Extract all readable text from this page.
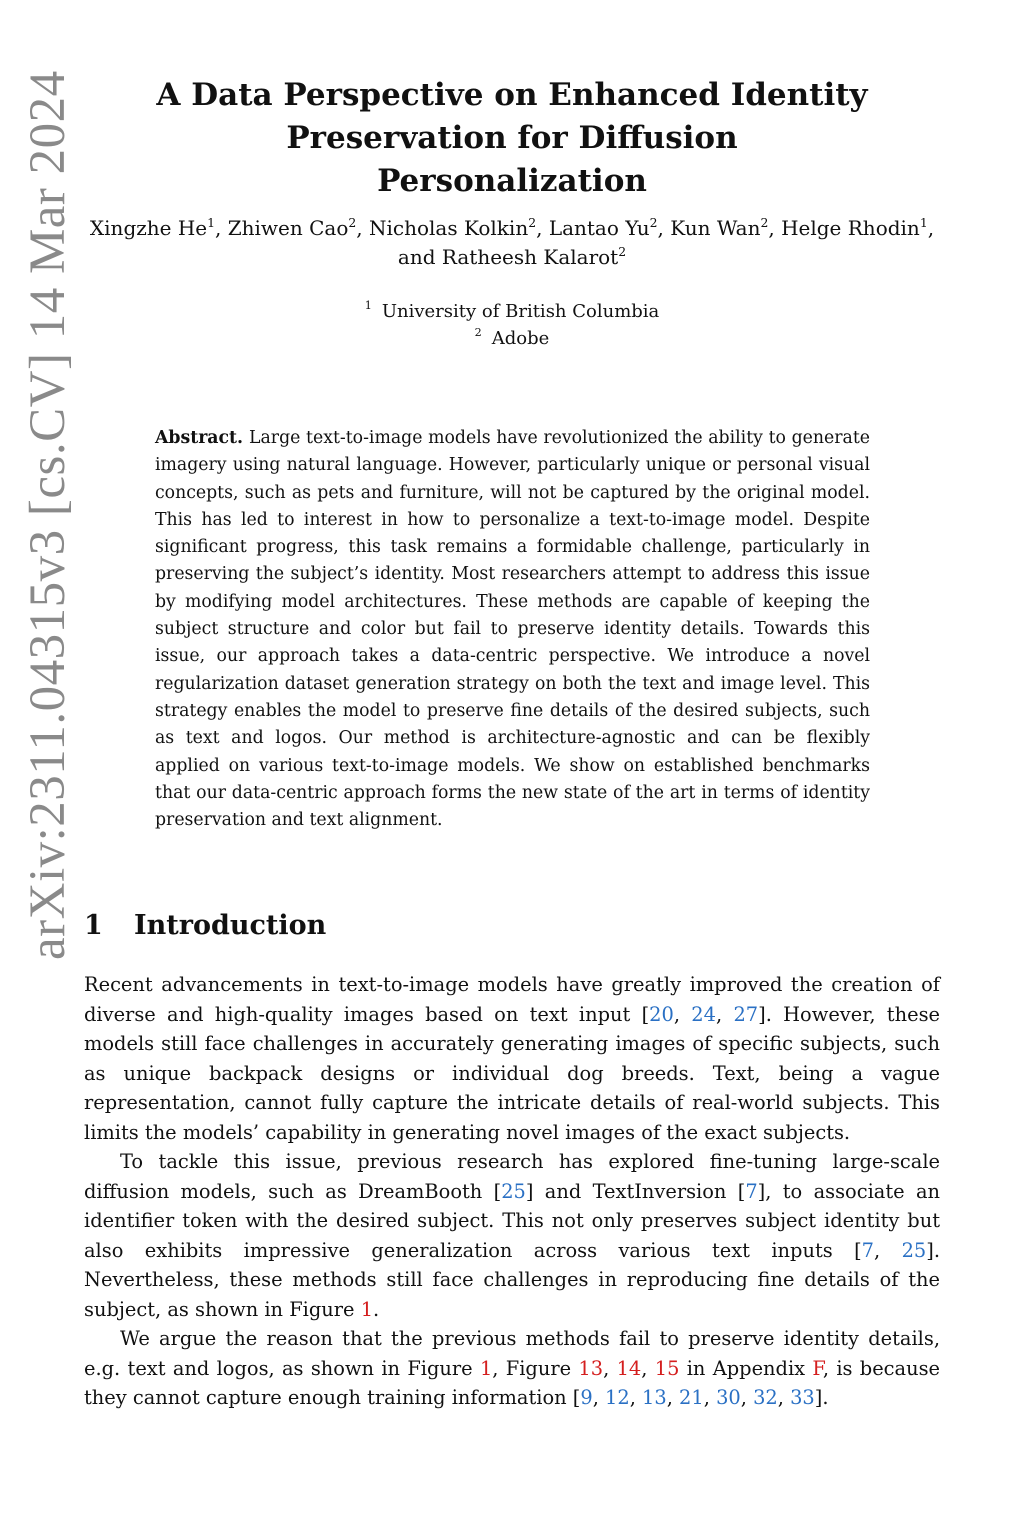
arXiv:2311.04315v3 [cs.CV] 14 Mar 2024	A Data Perspective on Enhanced Identity
Preservation for Diffusion Personalization
Xingzhe He$^1$, Zhiwen Cao$^2$, Nicholas Kolkin$^2$, Lantao Yu$^2$, Kun Wan$^2$, Helge Rhodin$^1$, and Ratheesh Kalarot$^2$
$^1$ University of British Columbia
$^2$ Adobe
Abstract. Large text-to-image models have revolutionized the ability to generate imagery using natural language. However, particularly unique or personal visual concepts, such as pets and furniture, will not be captured by the original model. This has led to interest in how to personalize a text-to-image model. Despite significant progress, this task remains a formidable challenge, particularly in preserving the subject’s identity. Most researchers attempt to address this issue by modifying model architectures. These methods are capable of keeping the subject structure and color but fail to preserve identity details. Towards this issue, our approach takes a data-centric perspective. We introduce a novel regularization dataset generation strategy on both the text and image level. This strategy enables the model to preserve fine details of the desired subjects, such as text and logos. Our method is architecture-agnostic and can be flexibly applied on various text-to-image models. We show on established benchmarks that our data-centric approach forms the new state of the art in terms of identity preservation and text alignment.
1 Introduction

Recent advancements in text-to-image models have greatly improved the creation of diverse and high-quality images based on text input [20, 24, 27]. However, these models still face challenges in accurately generating images of specific subjects, such as unique backpack designs or individual dog breeds. Text, being a vague representation, cannot fully capture the intricate details of real-world subjects. This limits the models’ capability in generating novel images of the exact subjects.

To tackle this issue, previous research has explored fine-tuning large-scale diffusion models, such as DreamBooth [25] and TextInversion [7], to associate an identifier token with the desired subject. This not only preserves subject identity but also exhibits impressive generalization across various text inputs [7, 25]. Nevertheless, these methods still face challenges in reproducing fine details of the subject, as shown in Figure 1.

We argue the reason that the previous methods fail to preserve identity details, e.g. text and logos, as shown in Figure 1, Figure 13, 14, 15 in Appendix F, is because they cannot capture enough training information [9, 12, 13, 21, 30, 32, 33].
